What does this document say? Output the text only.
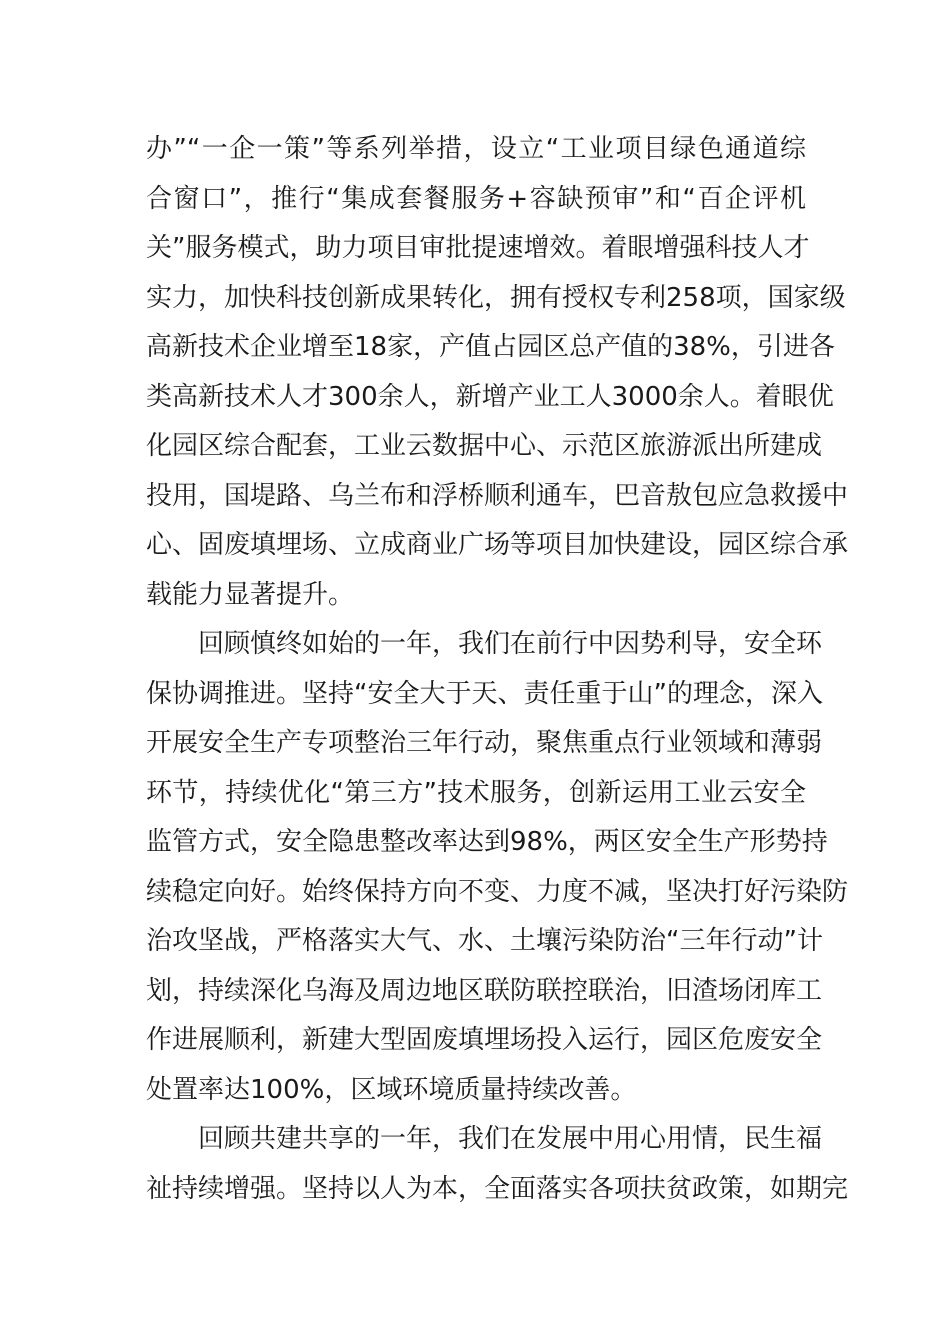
办”“一企一策”等系列举措，设立“工业项目绿色通道综
合窗口”，推行“集成套餐服务+容缺预审”和“百企评机
关”服务模式，助力项目审批提速增效。着眼增强科技人才
实力，加快科技创新成果转化，拥有授权专利258项，国家级
高新技术企业增至18家，产值占园区总产值的38%，引进各
类高新技术人才300余人，新增产业工人3000余人。着眼优
化园区综合配套，工业云数据中心、示范区旅游派出所建成
投用，国堤路、乌兰布和浮桥顺利通车，巴音敖包应急救援中
心、固废填埋场、立成商业广场等项目加快建设，园区综合承
载能力显著提升。
回顾慎终如始的一年，我们在前行中因势利导，安全环
保协调推进。坚持“安全大于天、责任重于山”的理念，深入
开展安全生产专项整治三年行动，聚焦重点行业领域和薄弱
环节，持续优化“第三方”技术服务，创新运用工业云安全
监管方式，安全隐患整改率达到98%，两区安全生产形势持
续稳定向好。始终保持方向不变、力度不减，坚决打好污染防
治攻坚战，严格落实大气、水、土壤污染防治“三年行动”计
划，持续深化乌海及周边地区联防联控联治，旧渣场闭库工
作进展顺利，新建大型固废填埋场投入运行，园区危废安全
处置率达100%，区域环境质量持续改善。
回顾共建共享的一年，我们在发展中用心用情，民生福
祉持续增强。坚持以人为本，全面落实各项扶贫政策，如期完
